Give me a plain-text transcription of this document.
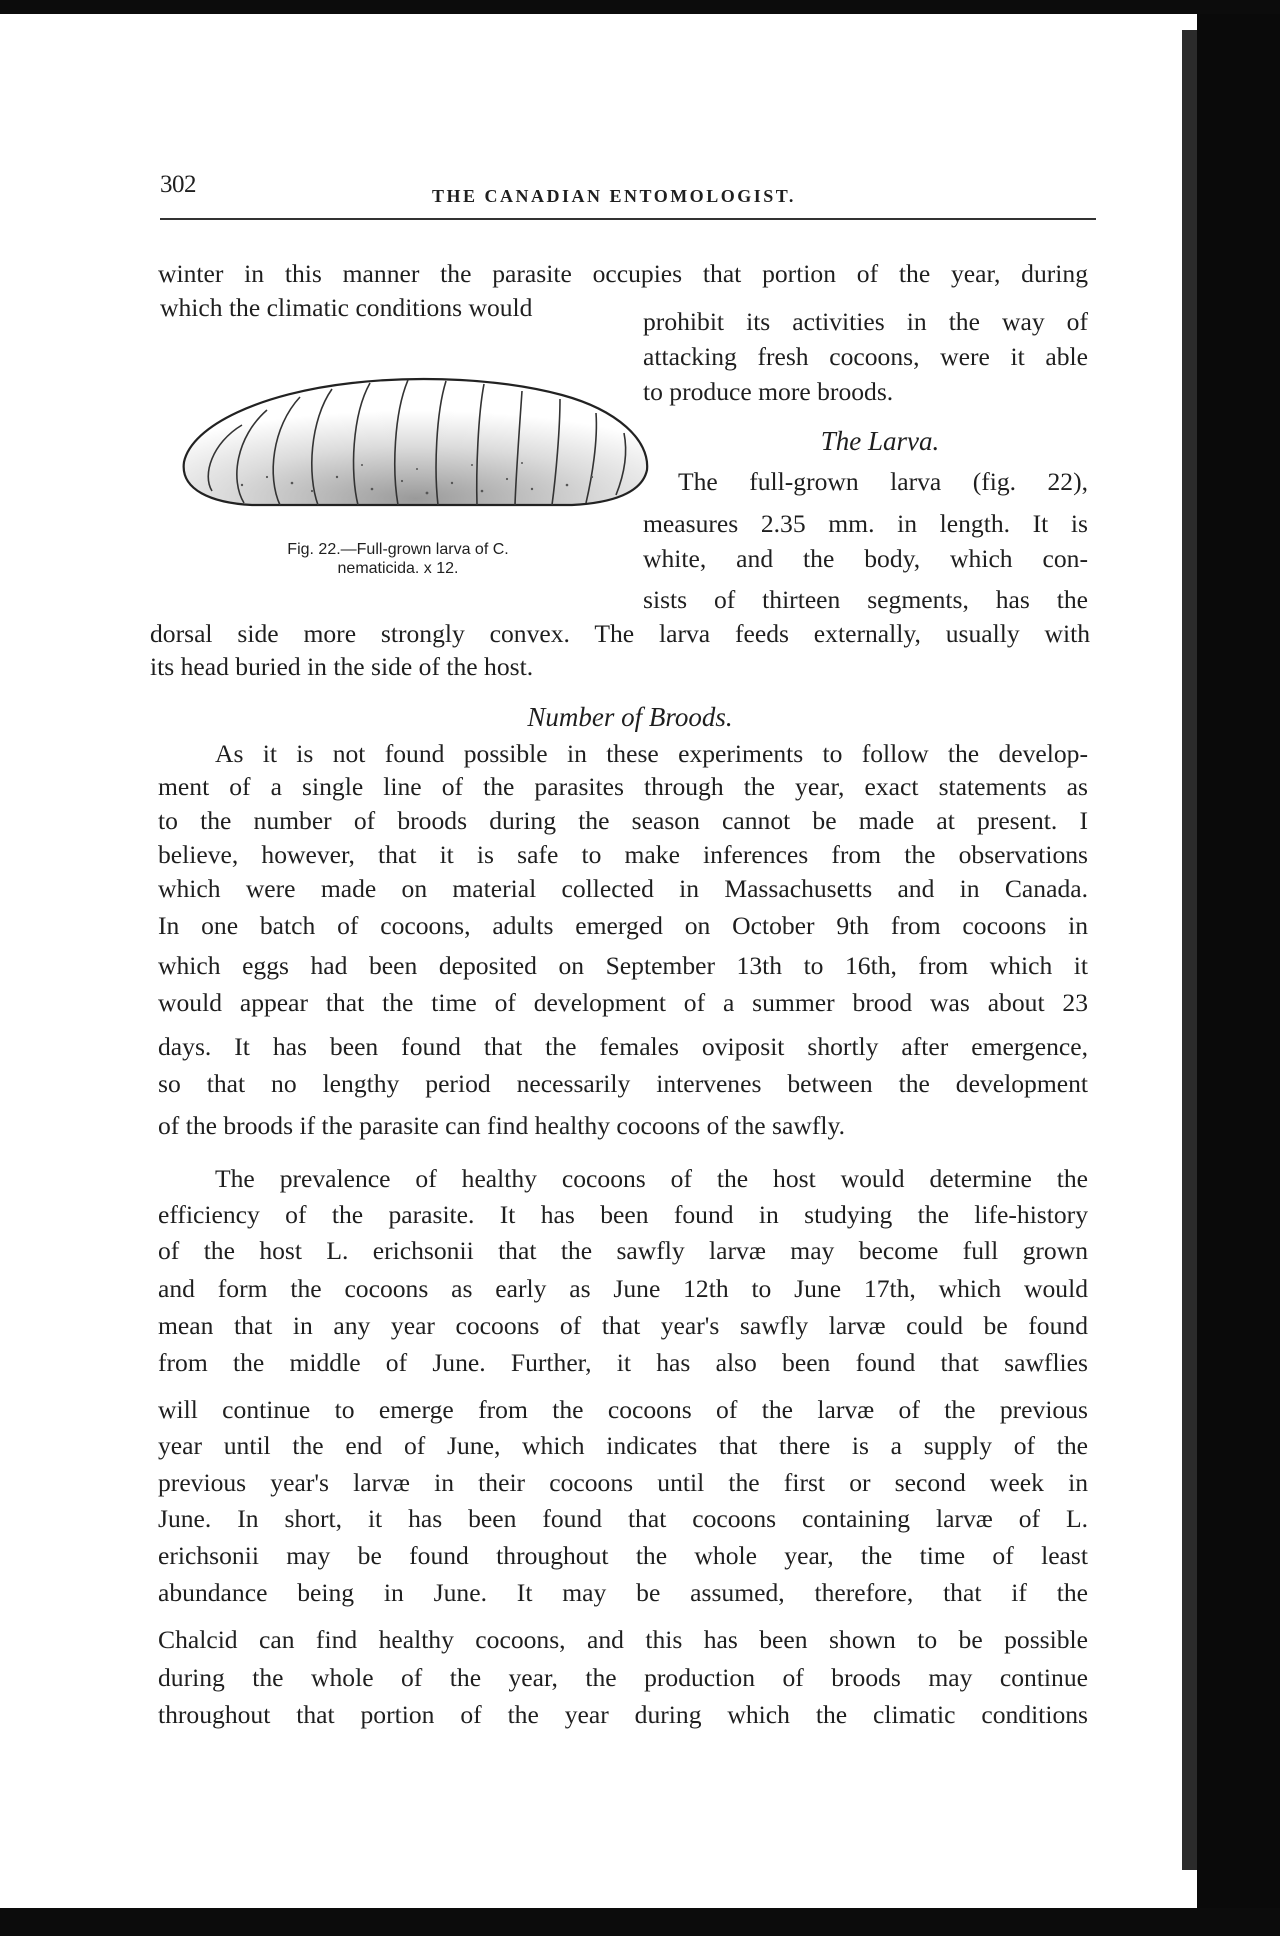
302	THE CANADIAN ENTOMOLOGIST.
winter in this manner the parasite occupies that portion of the year, during
which the climatic conditions would	prohibit its activities in the way of
attacking fresh cocoons, were it able
to produce more broods.
Fig. 22.—Full-grown larva of C.
nematicida. x 12.
The Larva.
The full-grown larva (fig. 22),
measures 2.35 mm. in length. It is
white, and the body, which con-
sists of thirteen segments, has the
dorsal side more strongly convex. The larva feeds externally, usually with
its head buried in the side of the host.
Number of Broods.
As it is not found possible in these experiments to follow the develop-
ment of a single line of the parasites through the year, exact statements as
to the number of broods during the season cannot be made at present. I
believe, however, that it is safe to make inferences from the observations
which were made on material collected in Massachusetts and in Canada.
In one batch of cocoons, adults emerged on October 9th from cocoons in
which eggs had been deposited on September 13th to 16th, from which it
would appear that the time of development of a summer brood was about 23
days. It has been found that the females oviposit shortly after emergence,
so that no lengthy period necessarily intervenes between the development
of the broods if the parasite can find healthy cocoons of the sawfly.
The prevalence of healthy cocoons of the host would determine the
efficiency of the parasite. It has been found in studying the life-history
of the host L. erichsonii that the sawfly larvæ may become full grown
and form the cocoons as early as June 12th to June 17th, which would
mean that in any year cocoons of that year's sawfly larvæ could be found
from the middle of June. Further, it has also been found that sawflies
will continue to emerge from the cocoons of the larvæ of the previous
year until the end of June, which indicates that there is a supply of the
previous year's larvæ in their cocoons until the first or second week in
June. In short, it has been found that cocoons containing larvæ of L.
erichsonii may be found throughout the whole year, the time of least
abundance being in June. It may be assumed, therefore, that if the
Chalcid can find healthy cocoons, and this has been shown to be possible
during the whole of the year, the production of broods may continue
throughout that portion of the year during which the climatic conditions
